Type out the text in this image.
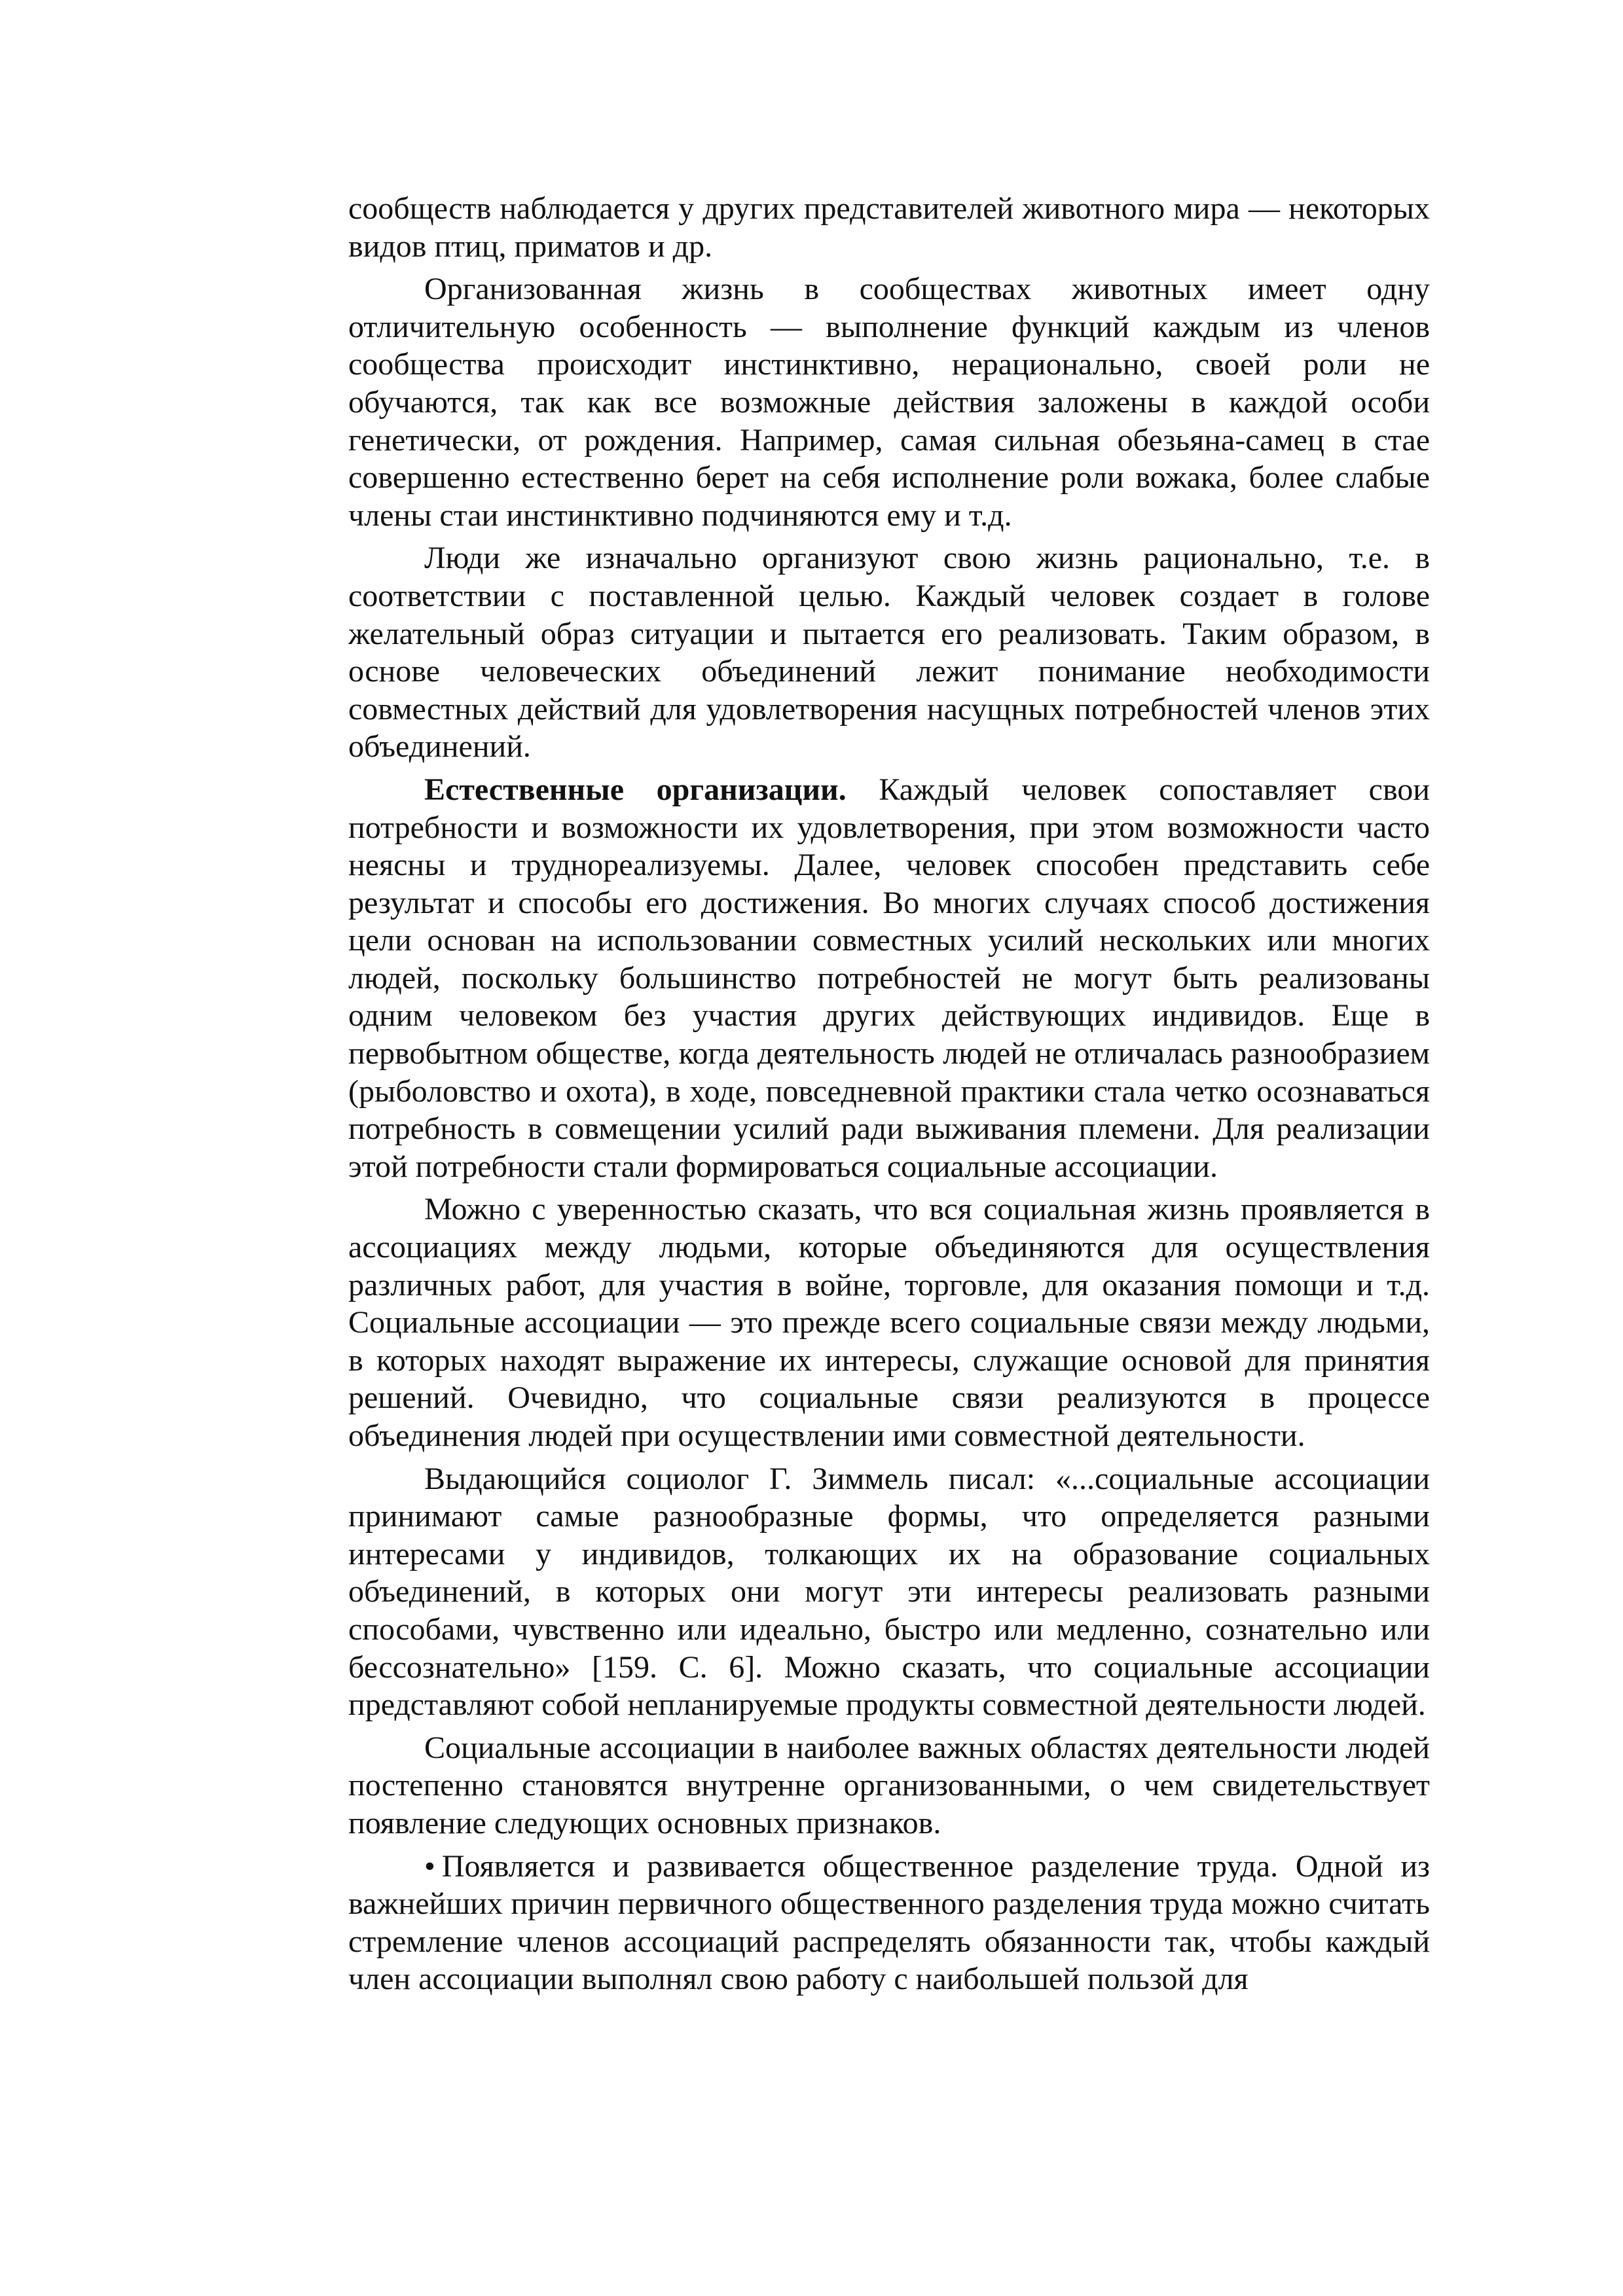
сообществ наблюдается у других представителей животного мира — некоторых видов птиц, приматов и др.

Организованная жизнь в сообществах животных имеет одну отличительную особенность — выполнение функций каждым из членов сообщества происходит инстинктивно, нерационально, своей роли не обучаются, так как все возможные действия заложены в каждой особи генетически, от рождения. Например, самая сильная обезьяна-самец в стае совершенно естественно берет на себя исполнение роли вожака, более слабые члены стаи инстинктивно подчиняются ему и т.д.

Люди же изначально организуют свою жизнь рационально, т.е. в соответствии с поставленной целью. Каждый человек создает в голове желательный образ ситуации и пытается его реализовать. Таким образом, в основе человеческих объединений лежит понимание необходимости совместных действий для удовлетворения насущных потребностей членов этих объединений.

Естественные организации. Каждый человек сопоставляет свои потребности и возможности их удовлетворения, при этом возможности часто неясны и труднореализуемы. Далее, человек способен представить себе результат и способы его достижения. Во многих случаях способ достижения цели основан на использовании совместных усилий нескольких или многих людей, поскольку большинство потребностей не могут быть реализованы одним человеком без участия других действующих индивидов. Еще в первобытном обществе, когда деятельность людей не отличалась разнообразием (рыболовство и охота), в ходе, повседневной практики стала четко осознаваться потребность в совмещении усилий ради выживания племени. Для реализации этой потребности стали формироваться социальные ассоциации.

Можно с уверенностью сказать, что вся социальная жизнь проявляется в ассоциациях между людьми, которые объединяются для осуществления различных работ, для участия в войне, торговле, для оказания помощи и т.д. Социальные ассоциации — это прежде всего социальные связи между людьми, в которых находят выражение их интересы, служащие основой для принятия решений. Очевидно, что социальные связи реализуются в процессе объединения людей при осуществлении ими совместной деятельности.

Выдающийся социолог Г. Зиммель писал: «...социальные ассоциации принимают самые разнообразные формы, что определяется разными интересами у индивидов, толкающих их на образование социальных объединений, в которых они могут эти интересы реализовать разными способами, чувственно или идеально, быстро или медленно, сознательно или бессознательно» [159. С. 6]. Можно сказать, что социальные ассоциации представляют собой непланируемые продукты совместной деятельности людей.

Социальные ассоциации в наиболее важных областях деятельности людей постепенно становятся внутренне организованными, о чем свидетельствует появление следующих основных признаков.

• Появляется и развивается общественное разделение труда. Одной из важнейших причин первичного общественного разделения труда можно считать стремление членов ассоциаций распределять обязанности так, чтобы каждый член ассоциации выполнял свою работу с наибольшей пользой для
